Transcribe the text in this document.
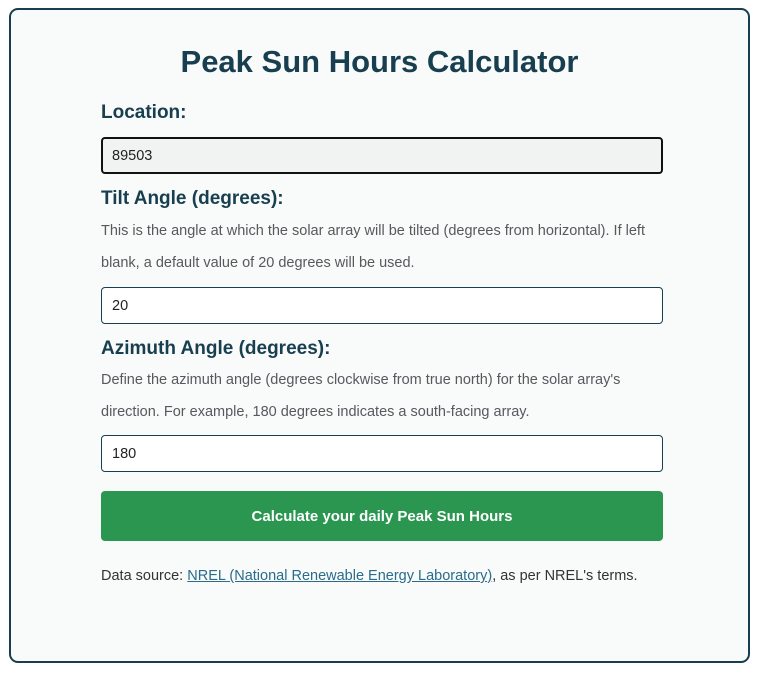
Peak Sun Hours Calculator
Location:
89503
Tilt Angle (degrees):

This is the angle at which the solar array will be tilted (degrees from horizontal). If left blank, a default value of 20 degrees will be used.

20
Azimuth Angle (degrees):

Define the azimuth angle (degrees clockwise from true north) for the solar array's direction. For example, 180 degrees indicates a south-facing array.

180
Calculate your daily Peak Sun Hours

Data source: NREL (National Renewable Energy Laboratory), as per NREL's terms.
